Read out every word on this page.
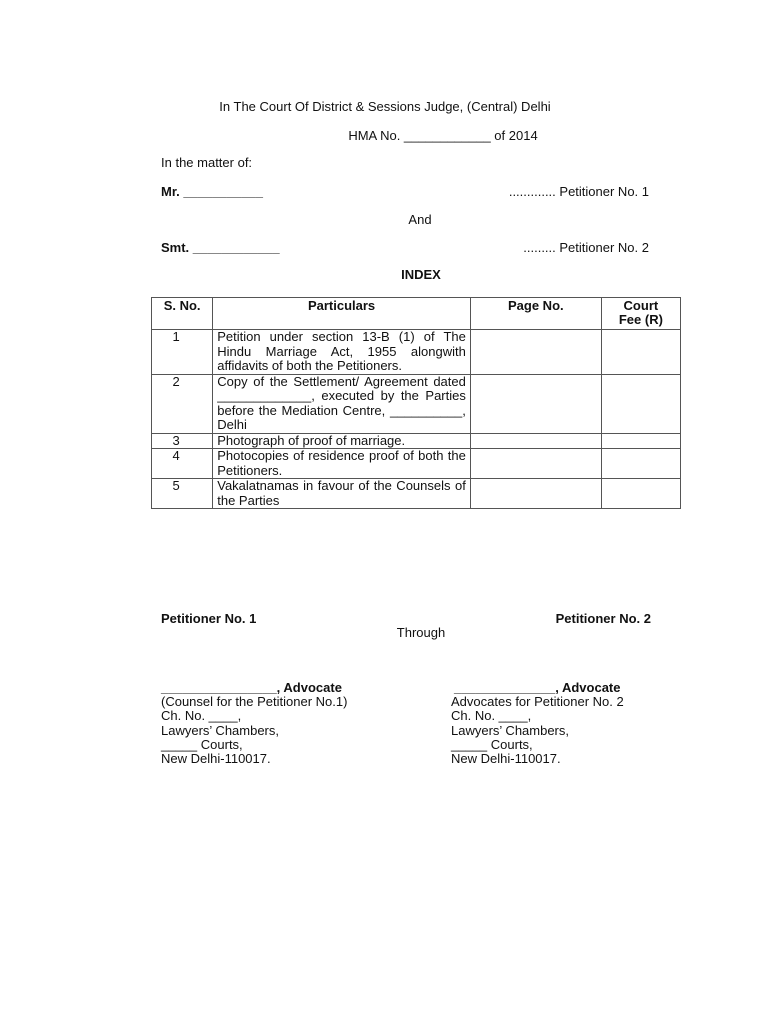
In The Court Of District & Sessions Judge, (Central) Delhi
HMA No. ____________ of 2014
In the matter of:
Mr. ___________	............. Petitioner No. 1
And
Smt. ____________	......... Petitioner No. 2
INDEX
S. No.	Particulars	Page No.	Court Fee (R)
1	Petition under section 13-B (1) of The Hindu Marriage Act, 1955 alongwith affidavits of both the Petitioners.		
2	Copy of the Settlement/ Agreement dated _____________, executed by the Parties before the Mediation Centre, __________, Delhi		
3	Photograph of proof of marriage.		
4	Photocopies of residence proof of both the Petitioners.		
5	Vakalatnamas in favour of the Counsels of the Parties		
Petitioner No. 1	Petitioner No. 2
Through
________________, Advocate
(Counsel for the Petitioner No.1)
Ch. No. ____,
Lawyers’ Chambers,
_____ Courts,
New Delhi-110017.
______________, Advocate
Advocates for Petitioner No. 2
Ch. No. ____,
Lawyers’ Chambers,
_____ Courts,
New Delhi-110017.
